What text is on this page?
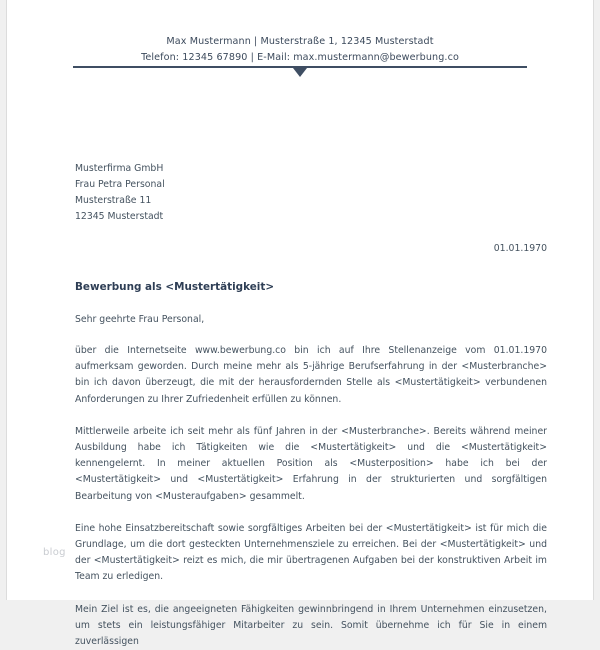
Max Mustermann | Musterstraße 1, 12345 Musterstadt
Telefon: 12345 67890 | E-Mail: max.mustermann@bewerbung.co
Musterfirma GmbH
Frau Petra Personal
Musterstraße 11
12345 Musterstadt
01.01.1970
Bewerbung als <Mustertätigkeit>
Sehr geehrte Frau Personal,

über die Internetseite www.bewerbung.co bin ich auf Ihre Stellenanzeige vom 01.01.1970 aufmerksam geworden. Durch meine mehr als 5-jährige Berufserfahrung in der <Musterbranche> bin ich davon überzeugt, die mit der herausfordernden Stelle als <Mustertätigkeit> verbundenen Anforderungen zu Ihrer Zufriedenheit erfüllen zu können.

Mittlerweile arbeite ich seit mehr als fünf Jahren in der <Musterbranche>. Bereits während meiner Ausbildung habe ich Tätigkeiten wie die <Mustertätigkeit> und die <Mustertätigkeit> kennengelernt. In meiner aktuellen Position als <Musterposition> habe ich bei der <Mustertätigkeit> und <Mustertätigkeit> Erfahrung in der strukturierten und sorgfältigen Bearbeitung von <Musteraufgaben> gesammelt.

Eine hohe Einsatzbereitschaft sowie sorgfältiges Arbeiten bei der <Mustertätigkeit> ist für mich die Grundlage, um die dort gesteckten Unternehmensziele zu erreichen. Bei der <Mustertätigkeit> und der <Mustertätigkeit> reizt es mich, die mir übertragenen Aufgaben bei der konstruktiven Arbeit im Team zu erledigen.

Mein Ziel ist es, die angeeigneten Fähigkeiten gewinnbringend in Ihrem Unternehmen einzusetzen, um stets ein leistungsfähiger Mitarbeiter zu sein. Somit übernehme ich für Sie in einem zuverlässigen

blog
